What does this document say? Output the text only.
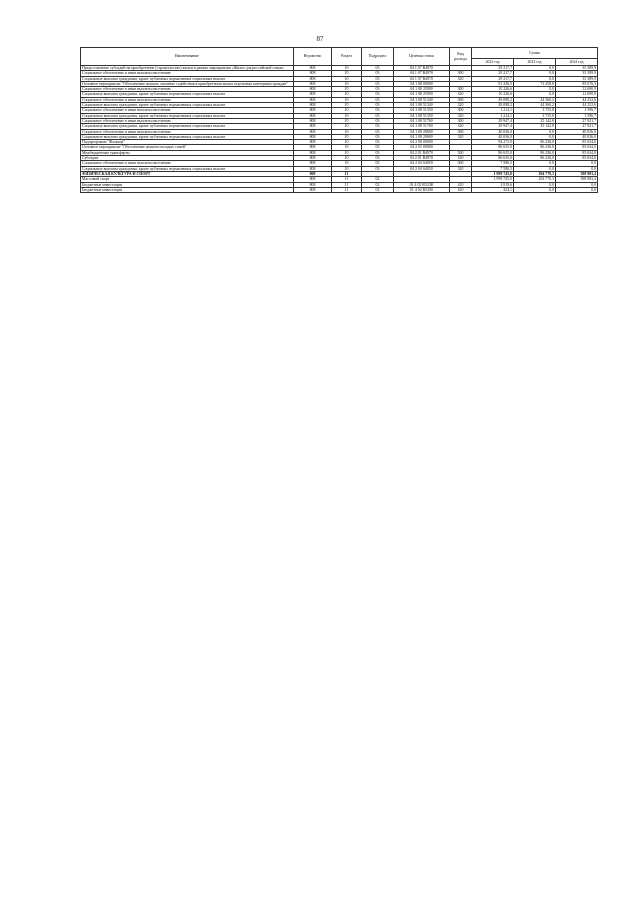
87
Наименование	Ведомство	Раздел	Подраздел	Целевая статья	Вид расхода	Сумма		
						2022 год	2023 год	2024 год
Предоставление субсидий на приобретение (строительство) жилья в рамках мероприятия «Жилье для российской семьи»	808	10	03	04 1 07 R4970		29 217,7	0,0	35 389,9
Социальное обеспечение и иные выплаты населению	808	10	03	04 1 07 R4970	300	29 217,7	0,0	35 389,9
Социальные выплаты гражданам, кроме публичных нормативных социальных выплат	808	10	03	04 1 07 R4970	320	29 217,7	0,0	35 389,9
Основное мероприятие "Обеспечение жильем, оказание содействия в приобретении жилья отдельным категориям граждан"	808	10	03	04 1 08 00000		91 236,5	73 258,8	85 676,5
Социальное обеспечение и иные выплаты населению	808	10	03	04 1 08 25090	300	10 226,6	0,0	12 690,9
Социальные выплаты гражданам, кроме публичных нормативных социальных выплат	808	10	03	04 1 08 25090	320	10 226,6	0,0	12 690,9
Социальное обеспечение и иные выплаты населению	808	10	03	04 1 08 51340	300	49 098,2	44 360,2	44 252,6
Социальные выплаты гражданам, кроме публичных нормативных социальных выплат	808	10	03	04 1 08 51340	320	49 098,2	44 360,2	44 252,6
Социальное обеспечение и иные выплаты населению	808	10	03	04 1 08 51350	300	1 214,1	3 755,8	1 596,7
Социальные выплаты гражданам, кроме публичных нормативных социальных выплат	808	10	03	04 1 08 51350	320	1 214,1	3 755,8	1 596,7
Социальное обеспечение и иные выплаты населению	808	10	03	04 1 08 51760	300	29 947,4	25 142,8	27 921,7
Социальные выплаты гражданам, кроме публичных нормативных социальных выплат	808	10	03	04 1 08 51760	320	29 947,4	25 142,8	27 921,7
Социальное обеспечение и иные выплаты населению	808	10	03	04 1 09 29690	300	40 036,0	0,0	40 036,0
Социальные выплаты гражданам, кроме публичных нормативных социальных выплат	808	10	03	04 1 09 29690	320	40 036,0	0,0	40 036,0
Подпрограмма "Жилище"	808	10	03	04 2 00 00000		94 273,9	86 236,0	85 634,0
Основное мероприятие "Обеспечение жильем молодых семей"	808	10	03	04 2 01 00000		86 635,0	86 236,0	85 634,0
Межбюджетные трансферты	808	10	03	04 2 01 R4970	500	86 635,0	86 236,0	85 634,0
Субсидии	808	10	03	04 2 01 R4970	520	86 635,0	86 236,0	85 634,0
Социальное обеспечение и иные выплаты населению	808	10	03	04 2 04 S4050	300	7 586,5	0,0	0,0
Социальные выплаты гражданам, кроме публичных нормативных социальных выплат	808	10	03	04 2 04 S4050	320	7 586,5	0,0	0,0
ФИЗИЧЕСКАЯ КУЛЬТУРА И СПОРТ	808	11				1 999 745,0	294 770,3	398 983,4
Массовый спорт	808	11	02			1 999 745,0	294 770,3	398 983,4
Бюджетные инвестиции	808	11	02	01 4 02 R523К	410	2 819,6	0,0	0,0
Бюджетные инвестиции	808	11	02	01 4 02 R5290	410	424,1	0,0	0,0
